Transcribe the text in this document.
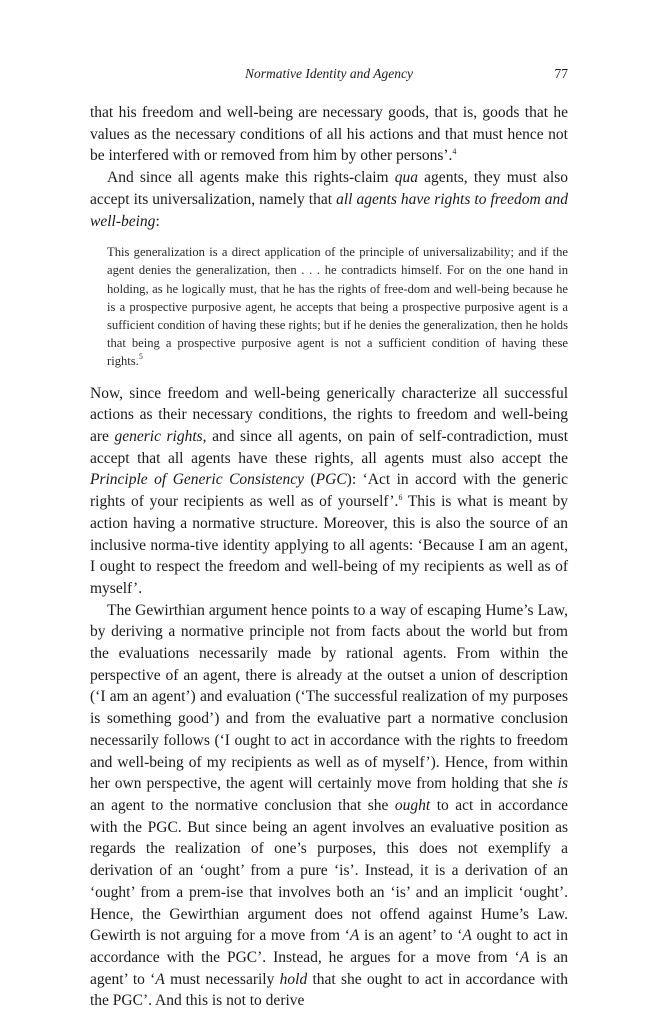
Normative Identity and Agency	77

that his freedom and well-being are necessary goods, that is, goods that he values as the necessary conditions of all his actions and that must hence not be interfered with or removed from him by other persons’.$^4$

And since all agents make this rights-claim qua agents, they must also accept its universalization, namely that all agents have rights to freedom and well-being:

This generalization is a direct application of the principle of universalizability; and if the agent denies the generalization, then . . . he contradicts himself. For on the one hand in holding, as he logically must, that he has the rights of free-dom and well-being because he is a prospective purposive agent, he accepts that being a prospective purposive agent is a sufficient condition of having these rights; but if he denies the generalization, then he holds that being a prospective purposive agent is not a sufficient condition of having these rights.$^5$

Now, since freedom and well-being generically characterize all successful actions as their necessary conditions, the rights to freedom and well-being are generic rights, and since all agents, on pain of self-contradiction, must accept that all agents have these rights, all agents must also accept the Principle of Generic Consistency (PGC): ‘Act in accord with the generic rights of your recipients as well as of yourself’.$^6$ This is what is meant by action having a normative structure. Moreover, this is also the source of an inclusive norma-tive identity applying to all agents: ‘Because I am an agent, I ought to respect the freedom and well-being of my recipients as well as of myself’.

The Gewirthian argument hence points to a way of escaping Hume’s Law, by deriving a normative principle not from facts about the world but from the evaluations necessarily made by rational agents. From within the perspective of an agent, there is already at the outset a union of description (‘I am an agent’) and evaluation (‘The successful realization of my purposes is something good’) and from the evaluative part a normative conclusion necessarily follows (‘I ought to act in accordance with the rights to freedom and well-being of my recipients as well as of myself’). Hence, from within her own perspective, the agent will certainly move from holding that she is an agent to the normative conclusion that she ought to act in accordance with the PGC. But since being an agent involves an evaluative position as regards the realization of one’s purposes, this does not exemplify a derivation of an ‘ought’ from a pure ‘is’. Instead, it is a derivation of an ‘ought’ from a prem-ise that involves both an ‘is’ and an implicit ‘ought’. Hence, the Gewirthian argument does not offend against Hume’s Law. Gewirth is not arguing for a move from ‘A is an agent’ to ‘A ought to act in accordance with the PGC’. Instead, he argues for a move from ‘A is an agent’ to ‘A must necessarily hold that she ought to act in accordance with the PGC’. And this is not to derive
